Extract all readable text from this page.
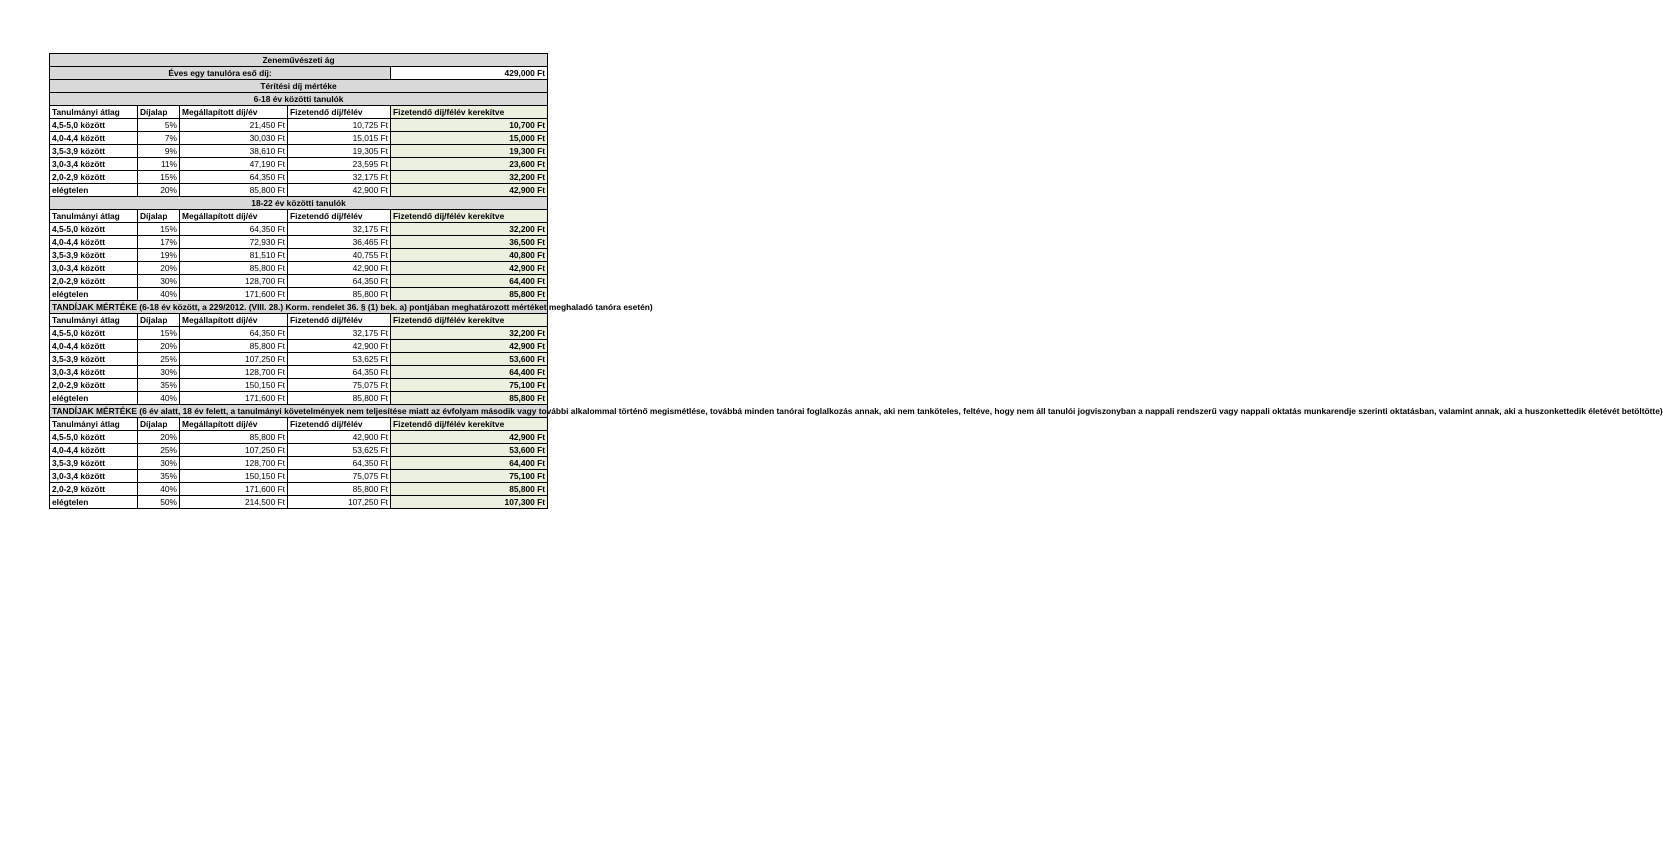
Zeneművészeti ág				
Éves egy tanulóra eső díj:				429,000 Ft
Térítési díj mértéke				
6-18 év közötti tanulók				
Tanulmányi átlag	Díjalap	Megállapított díj/év	Fizetendő díj/félév	Fizetendő díj/félév kerekítve
4,5-5,0 között	5%	21,450 Ft	10,725 Ft	10,700 Ft
4,0-4,4 között	7%	30,030 Ft	15,015 Ft	15,000 Ft
3,5-3,9 között	9%	38,610 Ft	19,305 Ft	19,300 Ft
3,0-3,4 között	11%	47,190 Ft	23,595 Ft	23,600 Ft
2,0-2,9 között	15%	64,350 Ft	32,175 Ft	32,200 Ft
elégtelen	20%	85,800 Ft	42,900 Ft	42,900 Ft
18-22 év közötti tanulók				
Tanulmányi átlag	Díjalap	Megállapított díj/év	Fizetendő díj/félév	Fizetendő díj/félév kerekítve
4,5-5,0 között	15%	64,350 Ft	32,175 Ft	32,200 Ft
4,0-4,4 között	17%	72,930 Ft	36,465 Ft	36,500 Ft
3,5-3,9 között	19%	81,510 Ft	40,755 Ft	40,800 Ft
3,0-3,4 között	20%	85,800 Ft	42,900 Ft	42,900 Ft
2,0-2,9 között	30%	128,700 Ft	64,350 Ft	64,400 Ft
elégtelen	40%	171,600 Ft	85,800 Ft	85,800 Ft
TANDÍJAK MÉRTÉKE (6-18 év között, a 229/2012. (VIII. 28.) Korm. rendelet 36. § (1) bek. a) pontjában meghatározott mértéket meghaladó tanóra esetén)				
Tanulmányi átlag	Díjalap	Megállapított díj/év	Fizetendő díj/félév	Fizetendő díj/félév kerekítve
4,5-5,0 között	15%	64,350 Ft	32,175 Ft	32,200 Ft
4,0-4,4 között	20%	85,800 Ft	42,900 Ft	42,900 Ft
3,5-3,9 között	25%	107,250 Ft	53,625 Ft	53,600 Ft
3,0-3,4 között	30%	128,700 Ft	64,350 Ft	64,400 Ft
2,0-2,9 között	35%	150,150 Ft	75,075 Ft	75,100 Ft
elégtelen	40%	171,600 Ft	85,800 Ft	85,800 Ft
TANDÍJAK MÉRTÉKE (6 év alatt, 18 év felett, a tanulmányi követelmények nem teljesítése miatt az évfolyam második vagy további alkalommal történő megismétlése, továbbá minden tanórai foglalkozás annak, aki nem tanköteles, feltéve, hogy nem áll tanulói jogviszonyban a nappali rendszerű vagy nappali oktatás munkarendje szerinti oktatásban, valamint annak, aki a huszonkettedik életévét betöltötte)				
Tanulmányi átlag	Díjalap	Megállapított díj/év	Fizetendő díj/félév	Fizetendő díj/félév kerekítve
4,5-5,0 között	20%	85,800 Ft	42,900 Ft	42,900 Ft
4,0-4,4 között	25%	107,250 Ft	53,625 Ft	53,600 Ft
3,5-3,9 között	30%	128,700 Ft	64,350 Ft	64,400 Ft
3,0-3,4 között	35%	150,150 Ft	75,075 Ft	75,100 Ft
2,0-2,9 között	40%	171,600 Ft	85,800 Ft	85,800 Ft
elégtelen	50%	214,500 Ft	107,250 Ft	107,300 Ft
